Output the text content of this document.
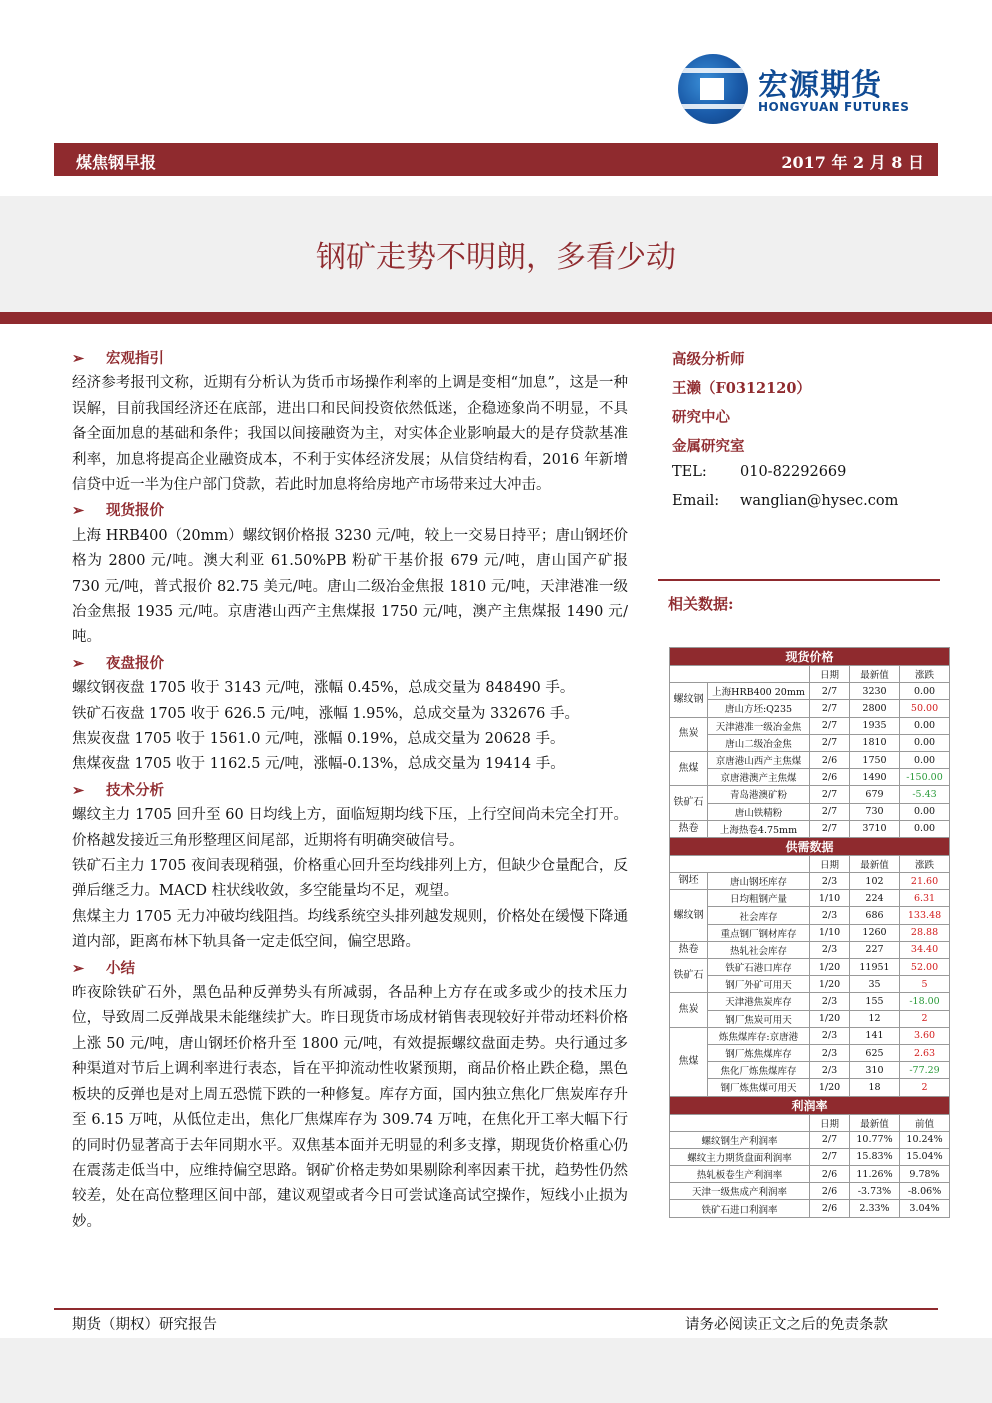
宏源期货
HONGYUAN FUTURES
煤焦钢早报	2017 年 2 月 8 日
钢矿走势不明朗，多看少动

➢ 宏观指引

经济参考报刊文称，近期有分析认为货币市场操作利率的上调是变相“加息”，这是一种误解，目前我国经济还在底部，进出口和民间投资依然低迷，企稳迹象尚不明显，不具备全面加息的基础和条件；我国以间接融资为主，对实体企业影响最大的是存贷款基准利率，加息将提高企业融资成本，不利于实体经济发展；从信贷结构看，2016 年新增信贷中近一半为住户部门贷款，若此时加息将给房地产市场带来过大冲击。

➢ 现货报价

上海 HRB400（20mm）螺纹钢价格报 3230 元/吨，较上一交易日持平；唐山钢坯价格为 2800 元/吨。澳大利亚 61.50%PB 粉矿干基价报 679 元/吨，唐山国产矿报 730 元/吨，普式报价 82.75 美元/吨。唐山二级冶金焦报 1810 元/吨，天津港准一级冶金焦报 1935 元/吨。京唐港山西产主焦煤报 1750 元/吨，澳产主焦煤报 1490 元/吨。

➢ 夜盘报价

螺纹钢夜盘 1705 收于 3143 元/吨，涨幅 0.45%，总成交量为 848490 手。

铁矿石夜盘 1705 收于 626.5 元/吨，涨幅 1.95%，总成交量为 332676 手。

焦炭夜盘 1705 收于 1561.0 元/吨，涨幅 0.19%，总成交量为 20628 手。

焦煤夜盘 1705 收于 1162.5 元/吨，涨幅-0.13%，总成交量为 19414 手。

➢ 技术分析

螺纹主力 1705 回升至 60 日均线上方，面临短期均线下压，上行空间尚未完全打开。价格越发接近三角形整理区间尾部，近期将有明确突破信号。

铁矿石主力 1705 夜间表现稍强，价格重心回升至均线排列上方，但缺少仓量配合，反弹后继乏力。MACD 柱状线收敛，多空能量均不足，观望。

焦煤主力 1705 无力冲破均线阻挡。均线系统空头排列越发规则，价格处在缓慢下降通道内部，距离布林下轨具备一定走低空间，偏空思路。

➢ 小结

昨夜除铁矿石外，黑色品种反弹势头有所减弱，各品种上方存在或多或少的技术压力位，导致周二反弹战果未能继续扩大。昨日现货市场成材销售表现较好并带动坯料价格上涨 50 元/吨，唐山钢坯价格升至 1800 元/吨，有效提振螺纹盘面走势。央行通过多种渠道对节后上调利率进行表态，旨在平抑流动性收紧预期，商品价格止跌企稳，黑色板块的反弹也是对上周五恐慌下跌的一种修复。库存方面，国内独立焦化厂焦炭库存升至 6.15 万吨，从低位走出，焦化厂焦煤库存为 309.74 万吨，在焦化开工率大幅下行的同时仍显著高于去年同期水平。双焦基本面并无明显的利多支撑，期现货价格重心仍在震荡走低当中，应维持偏空思路。钢矿价格走势如果剔除利率因素干扰，趋势性仍然较差，处在高位整理区间中部，建议观望或者今日可尝试逢高试空操作，短线小止损为妙。

高级分析师
王濑（F0312120）
研究中心
金属研究室
TEL: 010-82292669
Email: wanglian@hysec.com
相关数据:
现货价格				
		日期	最新值	涨跌
螺纹钢	上海HRB400 20mm	2/7	3230	0.00
	唐山方坯:Q235	2/7	2800	50.00
焦炭	天津港准一级冶金焦	2/7	1935	0.00
	唐山二级冶金焦	2/7	1810	0.00
焦煤	京唐港山西产主焦煤	2/6	1750	0.00
	京唐港澳产主焦煤	2/6	1490	-150.00
铁矿石	青岛港澳矿粉	2/7	679	-5.43
	唐山铁精粉	2/7	730	0.00
热卷	上海热卷4.75mm	2/7	3710	0.00
供需数据				
		日期	最新值	涨跌
钢坯	唐山钢坯库存	2/3	102	21.60
螺纹钢	日均粗钢产量	1/10	224	6.31
	社会库存	2/3	686	133.48
	重点钢厂钢材库存	1/10	1260	28.88
热卷	热轧社会库存	2/3	227	34.40
铁矿石	铁矿石港口库存	1/20	11951	52.00
	钢厂外矿可用天	1/20	35	5
焦炭	天津港焦炭库存	2/3	155	-18.00
	钢厂焦炭可用天	1/20	12	2
焦煤	炼焦煤库存:京唐港	2/3	141	3.60
	钢厂炼焦煤库存	2/3	625	2.63
	焦化厂炼焦煤库存	2/3	310	-77.29
	钢厂炼焦煤可用天	1/20	18	2
利润率				
		日期	最新值	前值
螺纹钢生产利润率		2/7	10.77%	10.24%
螺纹主力期货盘面利润率		2/7	15.83%	15.04%
热轧板卷生产利润率		2/6	11.26%	9.78%
天津一级焦成产利润率		2/6	-3.73%	-8.06%
铁矿石进口利润率		2/6	2.33%	3.04%
期货（期权）研究报告	请务必阅读正文之后的免责条款
